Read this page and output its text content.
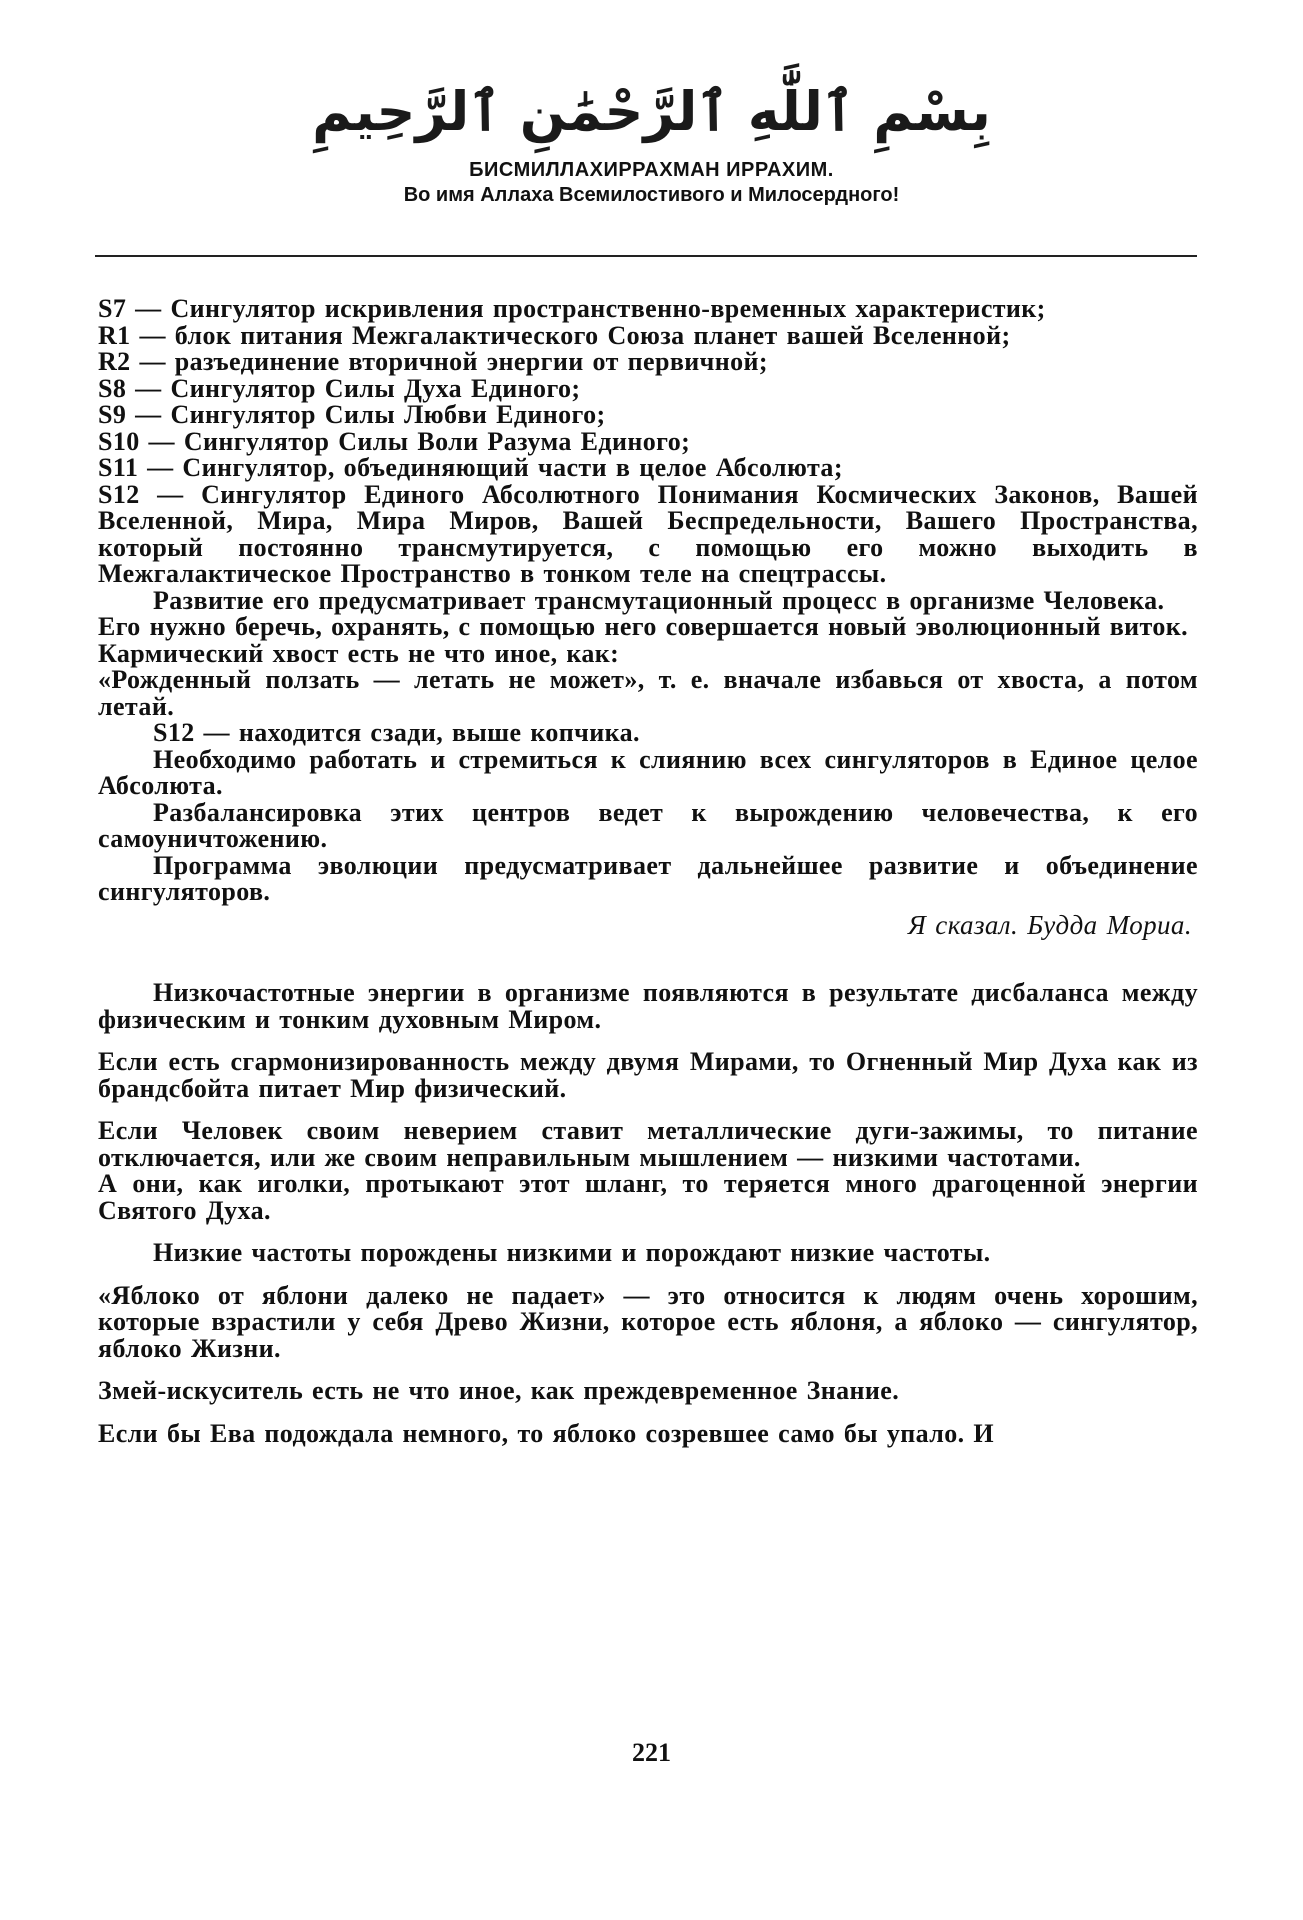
بِسْمِ ٱللَّٰهِ ٱلرَّحْمَٰنِ ٱلرَّحِيمِ
БИСМИЛЛАХИРРАХМАН ИРРАХИМ.
Во имя Аллаха Всемилостивого и Милосердного!

S7 — Сингулятор искривления пространственно-временных характеристик;

R1 — блок питания Межгалактического Союза планет вашей Вселенной;

R2 — разъединение вторичной энергии от первичной;

S8 — Сингулятор Силы Духа Единого;

S9 — Сингулятор Силы Любви Единого;

S10 — Сингулятор Силы Воли Разума Единого;

S11 — Сингулятор, объединяющий части в целое Абсолюта;

S12 — Сингулятор Единого Абсолютного Понимания Космических Законов, Вашей Вселенной, Мира, Мира Миров, Вашей Беспредельности, Вашего Пространства, который постоянно трансмутируется, с помощью его можно выходить в Межгалактическое Пространство в тонком теле на спецтрассы.

Развитие его предусматривает трансмутационный процесс в организме Человека.

Его нужно беречь, охранять, с помощью него совершается новый эволюционный виток.

Кармический хвост есть не что иное, как:

«Рожденный ползать — летать не может», т. е. вначале избавься от хвоста, а потом летай.

S12 — находится сзади, выше копчика.

Необходимо работать и стремиться к слиянию всех сингуляторов в Единое целое Абсолюта.

Разбалансировка этих центров ведет к вырождению человечества, к его самоуничтожению.

Программа эволюции предусматривает дальнейшее развитие и объединение сингуляторов.

Я сказал. Будда Мориа.

Низкочастотные энергии в организме появляются в результате дисбаланса между физическим и тонким духовным Миром.

Если есть сгармонизированность между двумя Мирами, то Огненный Мир Духа как из брандсбойта питает Мир физический.

Если Человек своим неверием ставит металлические дуги-зажимы, то питание отключается, или же своим неправильным мышлением — низкими частотами.

А они, как иголки, протыкают этот шланг, то теряется много драгоценной энергии Святого Духа.

Низкие частоты порождены низкими и порождают низкие частоты.

«Яблоко от яблони далеко не падает» — это относится к людям очень хорошим, которые взрастили у себя Древо Жизни, которое есть яблоня, а яблоко — сингулятор, яблоко Жизни.

Змей-искуситель есть не что иное, как преждевременное Знание.

Если бы Ева подождала немного, то яблоко созревшее само бы упало. И

221
